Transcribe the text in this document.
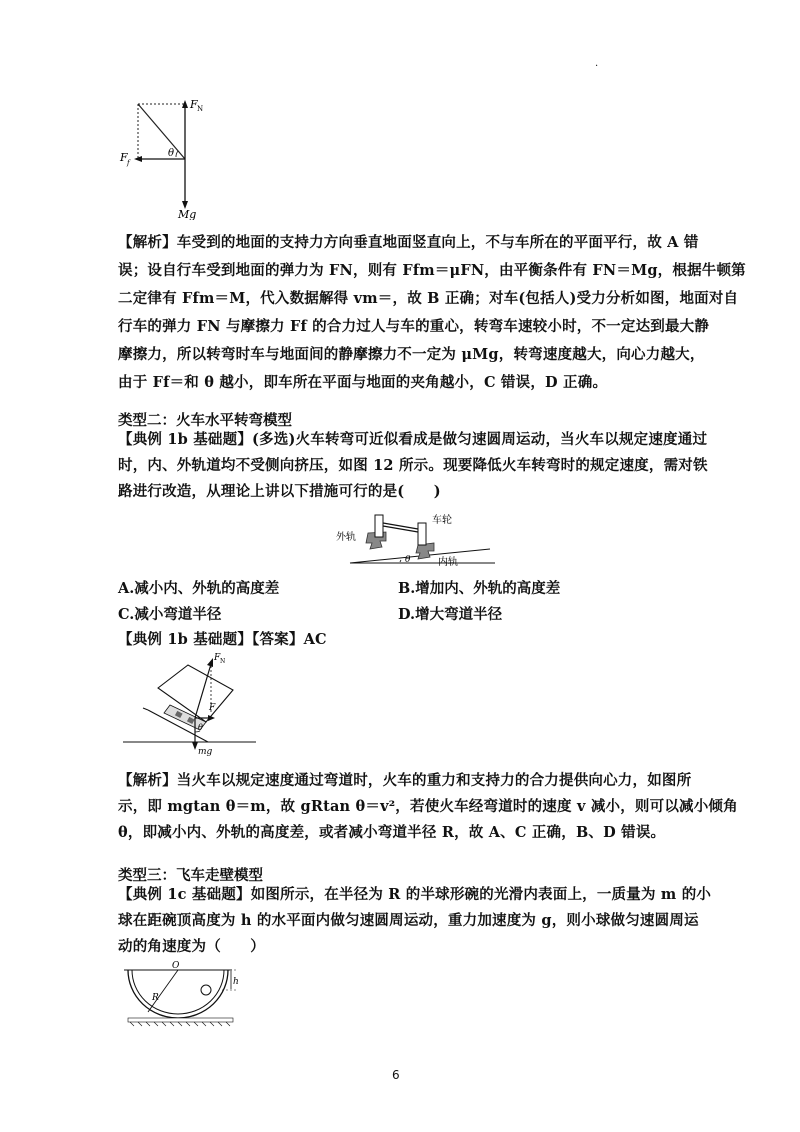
.
F N
F f
θ
Mg
【解析】车受到的地面的支持力方向垂直地面竖直向上，不与车所在的平面平行，故 A 错
误；设自行车受到地面的弹力为 FN，则有 Ffm＝μFN，由平衡条件有 FN＝Mg，根据牛顿第
二定律有 Ffm＝M，代入数据解得 vm＝，故 B 正确；对车(包括人)受力分析如图，地面对自
行车的弹力 FN 与摩擦力 Ff 的合力过人与车的重心，转弯车速较小时，不一定达到最大静
摩擦力，所以转弯时车与地面间的静摩擦力不一定为 μMg，转弯速度越大，向心力越大，
由于 Ff＝和 θ 越小，即车所在平面与地面的夹角越小，C 错误，D 正确。
类型二：火车水平转弯模型
【典例 1b 基础题】(多选)火车转弯可近似看成是做匀速圆周运动，当火车以规定速度通过
时，内、外轨道均不受侧向挤压，如图 12 所示。现要降低火车转弯时的规定速度，需对铁
路进行改造，从理论上讲以下措施可行的是(　　)
外轨
车轮
内轨
θ
A.减小内、外轨的高度差	B.增加内、外轨的高度差
C.减小弯道半径	D.增大弯道半径
【典例 1b 基础题】【答案】AC
F N
F
θ
mg
【解析】当火车以规定速度通过弯道时，火车的重力和支持力的合力提供向心力，如图所
示，即 mgtan θ＝m，故 gRtan θ＝v²，若使火车经弯道时的速度 v 减小，则可以减小倾角
θ，即减小内、外轨的高度差，或者减小弯道半径 R，故 A、C 正确，B、D 错误。
类型三：飞车走壁模型
【典例 1c 基础题】如图所示，在半径为 R 的半球形碗的光滑内表面上，一质量为 m 的小
球在距碗顶高度为 h 的水平面内做匀速圆周运动，重力加速度为 g，则小球做匀速圆周运
动的角速度为（　　）
O
R
h
6
